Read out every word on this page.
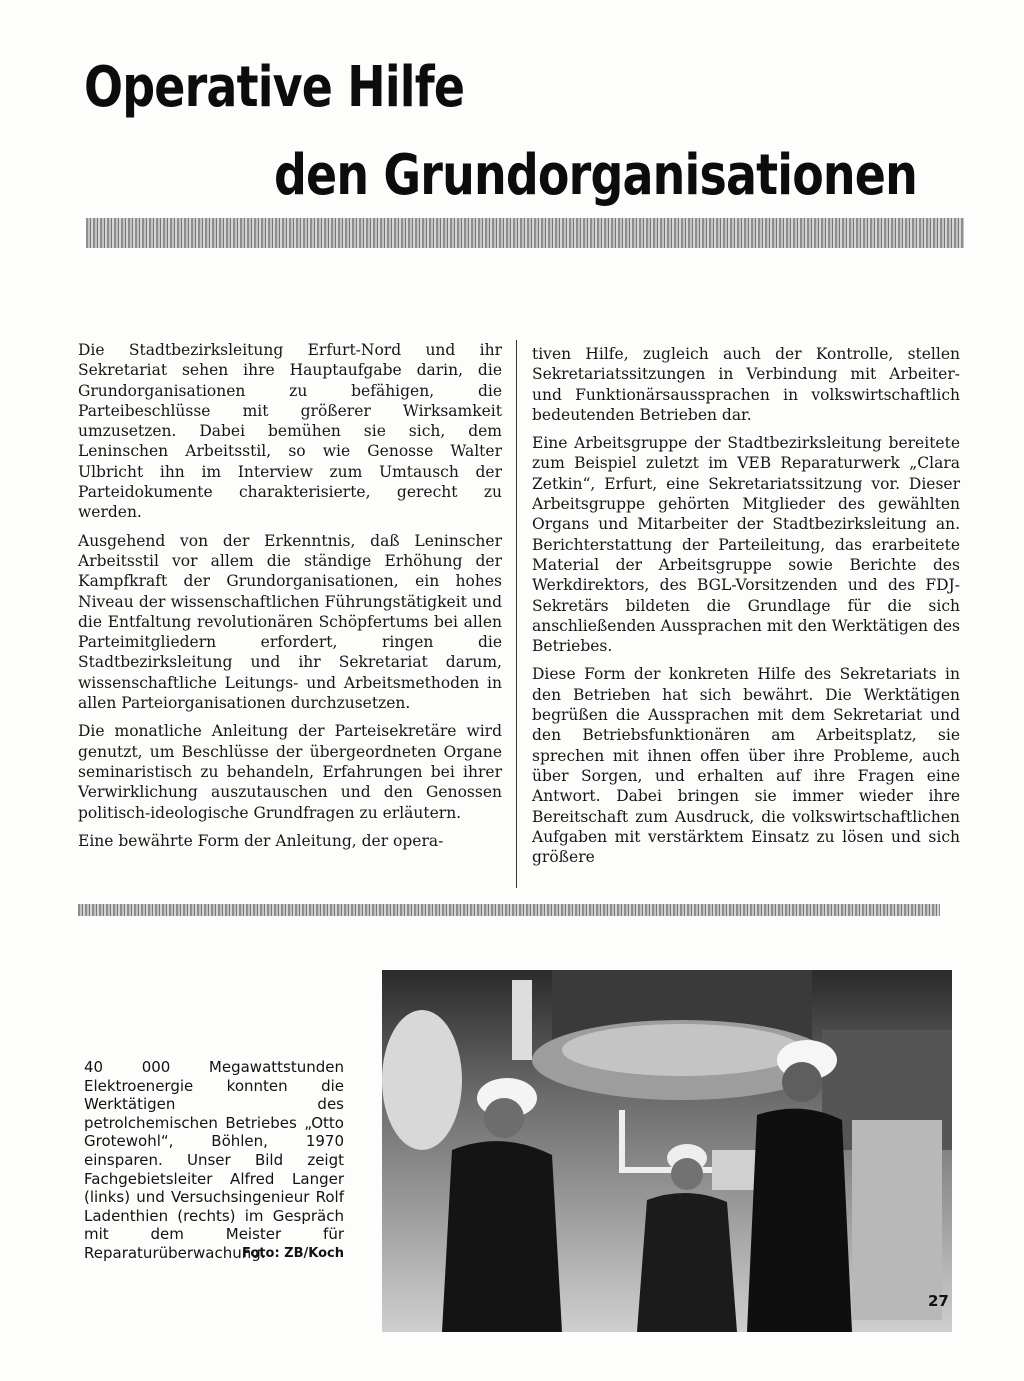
Operative Hilfe
den Grundorganisationen

Die Stadtbezirksleitung Erfurt-Nord und ihr Sekretariat sehen ihre Hauptaufgabe darin, die Grundorganisationen zu befähigen, die Parteibeschlüsse mit größerer Wirksamkeit umzusetzen. Dabei bemühen sie sich, dem Leninschen Arbeitsstil, so wie Genosse Walter Ulbricht ihn im Interview zum Umtausch der Parteidokumente charakterisierte, gerecht zu werden.

Ausgehend von der Erkenntnis, daß Leninscher Arbeitsstil vor allem die ständige Erhöhung der Kampfkraft der Grundorganisationen, ein hohes Niveau der wissenschaftlichen Führungstätigkeit und die Entfaltung revolutionären Schöpfertums bei allen Parteimitgliedern erfordert, ringen die Stadtbezirksleitung und ihr Sekretariat darum, wissenschaftliche Leitungs- und Arbeitsmethoden in allen Parteiorganisationen durchzusetzen.

Die monatliche Anleitung der Parteisekretäre wird genutzt, um Beschlüsse der übergeordneten Organe seminaristisch zu behandeln, Erfahrungen bei ihrer Verwirklichung auszutauschen und den Genossen politisch-ideologische Grundfragen zu erläutern.

Eine bewährte Form der Anleitung, der opera-

tiven Hilfe, zugleich auch der Kontrolle, stellen Sekretariatssitzungen in Verbindung mit Arbeiter- und Funktionärsaussprachen in volkswirtschaftlich bedeutenden Betrieben dar.

Eine Arbeitsgruppe der Stadtbezirksleitung bereitete zum Beispiel zuletzt im VEB Reparaturwerk „Clara Zetkin“, Erfurt, eine Sekretariatssitzung vor. Dieser Arbeitsgruppe gehörten Mitglieder des gewählten Organs und Mitarbeiter der Stadtbezirksleitung an. Berichterstattung der Parteileitung, das erarbeitete Material der Arbeitsgruppe sowie Berichte des Werkdirektors, des BGL-Vorsitzenden und des FDJ-Sekretärs bildeten die Grundlage für die sich anschließenden Aussprachen mit den Werktätigen des Betriebes.

Diese Form der konkreten Hilfe des Sekretariats in den Betrieben hat sich bewährt. Die Werktätigen begrüßen die Aussprachen mit dem Sekretariat und den Betriebsfunktionären am Arbeitsplatz, sie sprechen mit ihnen offen über ihre Probleme, auch über Sorgen, und erhalten auf ihre Fragen eine Antwort. Dabei bringen sie immer wieder ihre Bereitschaft zum Ausdruck, die volkswirtschaftlichen Aufgaben mit verstärktem Einsatz zu lösen und sich größere

40 000 Megawattstunden Elektroenergie konnten die Werktätigen des petrolchemischen Betriebes „Otto Grotewohl“, Böhlen, 1970 einsparen. Unser Bild zeigt Fachgebietsleiter Alfred Langer (links) und Versuchsingenieur Rolf Ladenthien (rechts) im Gespräch mit dem Meister für Reparaturüberwachung.
Foto: ZB/Koch
27
